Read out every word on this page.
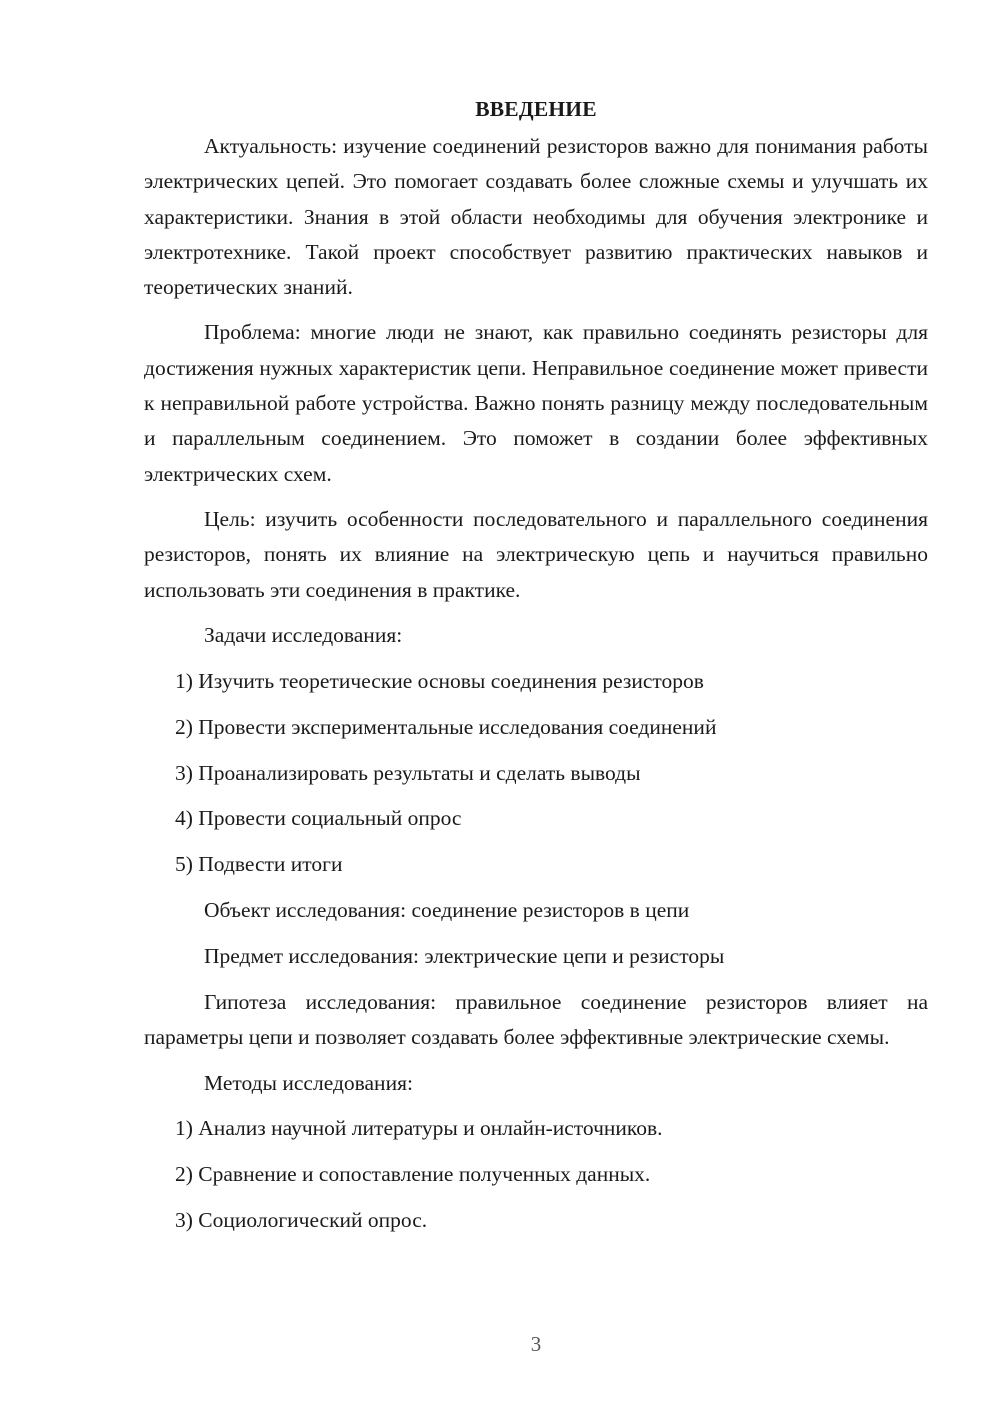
ВВЕДЕНИЕ

Актуальность: изучение соединений резисторов важно для понимания работы электрических цепей. Это помогает создавать более сложные схемы и улучшать их характеристики. Знания в этой области необходимы для обучения электронике и электротехнике. Такой проект способствует развитию практических навыков и теоретических знаний.

Проблема: многие люди не знают, как правильно соединять резисторы для достижения нужных характеристик цепи. Неправильное соединение может привести к неправильной работе устройства. Важно понять разницу между последовательным и параллельным соединением. Это поможет в создании более эффективных электрических схем.

Цель: изучить особенности последовательного и параллельного соединения резисторов, понять их влияние на электрическую цепь и научиться правильно использовать эти соединения в практике.

Задачи исследования:
1) Изучить теоретические основы соединения резисторов
2) Провести экспериментальные исследования соединений
3) Проанализировать результаты и сделать выводы
4) Провести социальный опрос
5) Подвести итоги
Объект исследования: соединение резисторов в цепи
Предмет исследования: электрические цепи и резисторы

Гипотеза исследования: правильное соединение резисторов влияет на параметры цепи и позволяет создавать более эффективные электрические схемы.

Методы исследования:
1) Анализ научной литературы и онлайн-источников.
2) Сравнение и сопоставление полученных данных.
3) Социологический опрос.
3
